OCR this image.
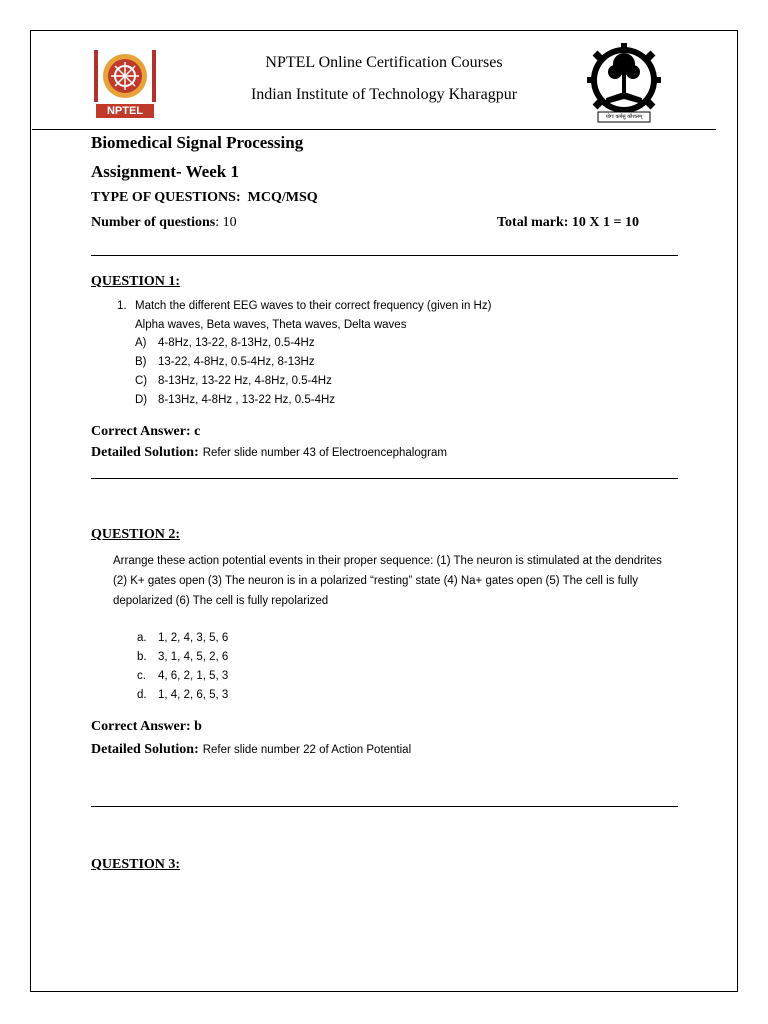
NPTEL
NPTEL Online Certification Courses
Indian Institute of Technology Kharagpur
योगः कर्मसु कौशलम्
Biomedical Signal Processing
Assignment- Week 1
TYPE OF QUESTIONS: MCQ/MSQ
Number of questions: 10	Total mark: 10 X 1 = 10
QUESTION 1:
1. Match the different EEG waves to their correct frequency (given in Hz)
Alpha waves, Beta waves, Theta waves, Delta waves
A) 4-8Hz, 13-22, 8-13Hz, 0.5-4Hz
B) 13-22, 4-8Hz, 0.5-4Hz, 8-13Hz
C) 8-13Hz, 13-22 Hz, 4-8Hz, 0.5-4Hz
D) 8-13Hz, 4-8Hz , 13-22 Hz, 0.5-4Hz
Correct Answer: c
Detailed Solution: Refer slide number 43 of Electroencephalogram
QUESTION 2:
Arrange these action potential events in their proper sequence: (1) The neuron is stimulated at the dendrites (2) K+ gates open (3) The neuron is in a polarized “resting” state (4) Na+ gates open (5) The cell is fully depolarized (6) The cell is fully repolarized
a. 1, 2, 4, 3, 5, 6
b. 3, 1, 4, 5, 2, 6
c. 4, 6, 2, 1, 5, 3
d. 1, 4, 2, 6, 5, 3
Correct Answer: b
Detailed Solution: Refer slide number 22 of Action Potential
QUESTION 3:
